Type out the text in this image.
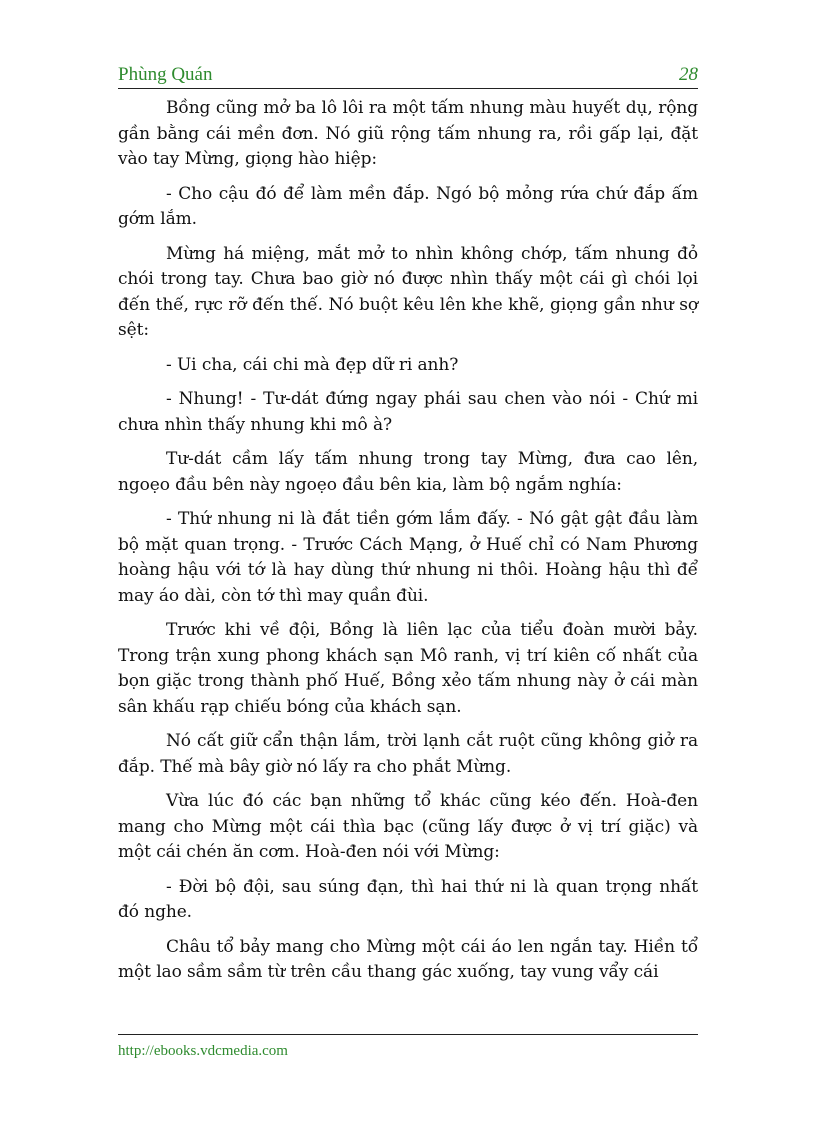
Phùng Quán	28

Bồng cũng mở ba lô lôi ra một tấm nhung màu huyết dụ, rộng gần bằng cái mền đơn. Nó giũ rộng tấm nhung ra, rồi gấp lại, đặt vào tay Mừng, giọng hào hiệp:

- Cho cậu đó để làm mền đắp. Ngó bộ mỏng rứa chứ đắp ấm gớm lắm.

Mừng há miệng, mắt mở to nhìn không chớp, tấm nhung đỏ chói trong tay. Chưa bao giờ nó được nhìn thấy một cái gì chói lọi đến thế, rực rỡ đến thế. Nó buột kêu lên khe khẽ, giọng gần như sợ sệt:

- Ui cha, cái chi mà đẹp dữ ri anh?

- Nhung! - Tư-dát đứng ngay phái sau chen vào nói - Chứ mi chưa nhìn thấy nhung khi mô à?

Tư-dát cầm lấy tấm nhung trong tay Mừng, đưa cao lên, ngoẹo đầu bên này ngoẹo đầu bên kia, làm bộ ngắm nghía:

- Thứ nhung ni là đắt tiền gớm lắm đấy. - Nó gật gật đầu làm bộ mặt quan trọng. - Trước Cách Mạng, ở Huế chỉ có Nam Phương hoàng hậu với tớ là hay dùng thứ nhung ni thôi. Hoàng hậu thì để may áo dài, còn tớ thì may quần đùi.

Trước khi về đội, Bồng là liên lạc của tiểu đoàn mười bảy. Trong trận xung phong khách sạn Mô ranh, vị trí kiên cố nhất của bọn giặc trong thành phố Huế, Bồng xẻo tấm nhung này ở cái màn sân khấu rạp chiếu bóng của khách sạn.

Nó cất giữ cẩn thận lắm, trời lạnh cắt ruột cũng không giở ra đắp. Thế mà bây giờ nó lấy ra cho phắt Mừng.

Vừa lúc đó các bạn những tổ khác cũng kéo đến. Hoà-đen mang cho Mừng một cái thìa bạc (cũng lấy được ở vị trí giặc) và một cái chén ăn cơm. Hoà-đen nói với Mừng:

- Đời bộ đội, sau súng đạn, thì hai thứ ni là quan trọng nhất đó nghe.

Châu tổ bảy mang cho Mừng một cái áo len ngắn tay. Hiền tổ một lao sầm sầm từ trên cầu thang gác xuống, tay vung vẩy cái

http://ebooks.vdcmedia.com
